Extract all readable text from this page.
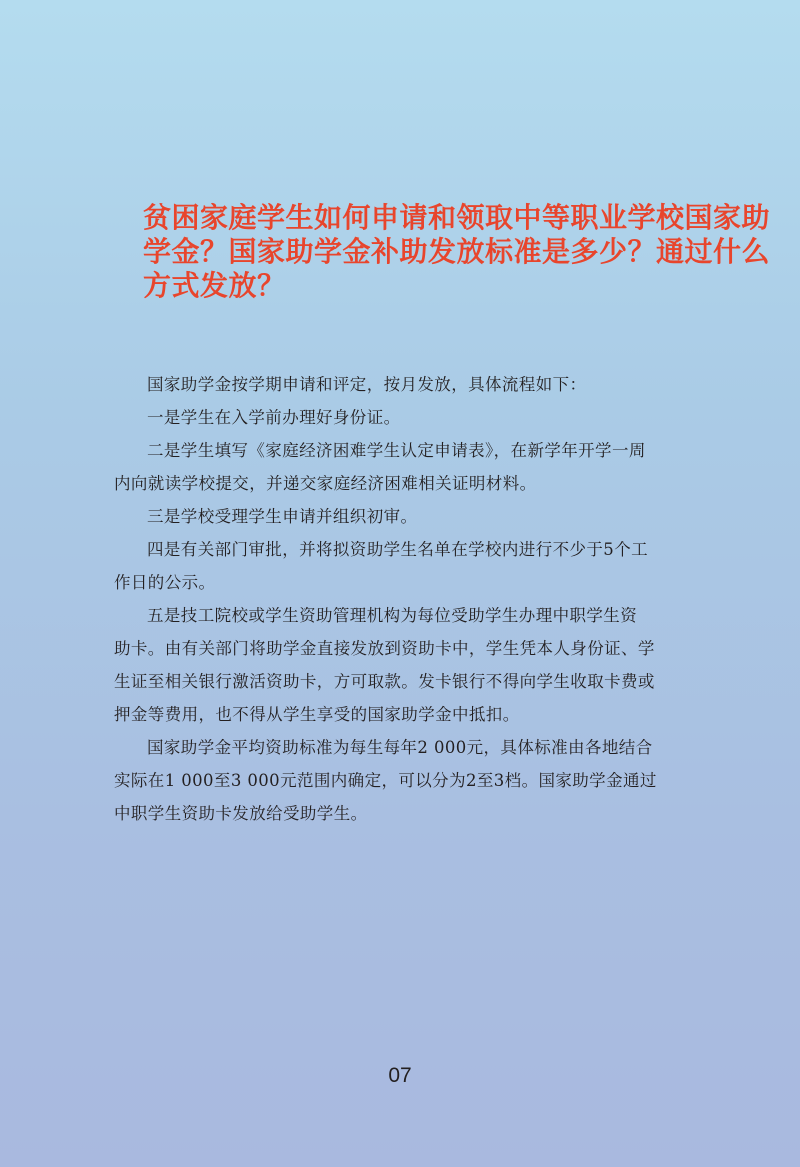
贫困家庭学生如何申请和领取中等职业学校国家助
学金？国家助学金补助发放标准是多少？通过什么
方式发放？
国家助学金按学期申请和评定，按月发放，具体流程如下：
一是学生在入学前办理好身份证。
二是学生填写《家庭经济困难学生认定申请表》，在新学年开学一周
内向就读学校提交，并递交家庭经济困难相关证明材料。
三是学校受理学生申请并组织初审。
四是有关部门审批，并将拟资助学生名单在学校内进行不少于5个工
作日的公示。
五是技工院校或学生资助管理机构为每位受助学生办理中职学生资
助卡。由有关部门将助学金直接发放到资助卡中，学生凭本人身份证、学
生证至相关银行激活资助卡，方可取款。发卡银行不得向学生收取卡费或
押金等费用，也不得从学生享受的国家助学金中抵扣。
国家助学金平均资助标准为每生每年2 000元，具体标准由各地结合
实际在1 000至3 000元范围内确定，可以分为2至3档。国家助学金通过
中职学生资助卡发放给受助学生。
07
